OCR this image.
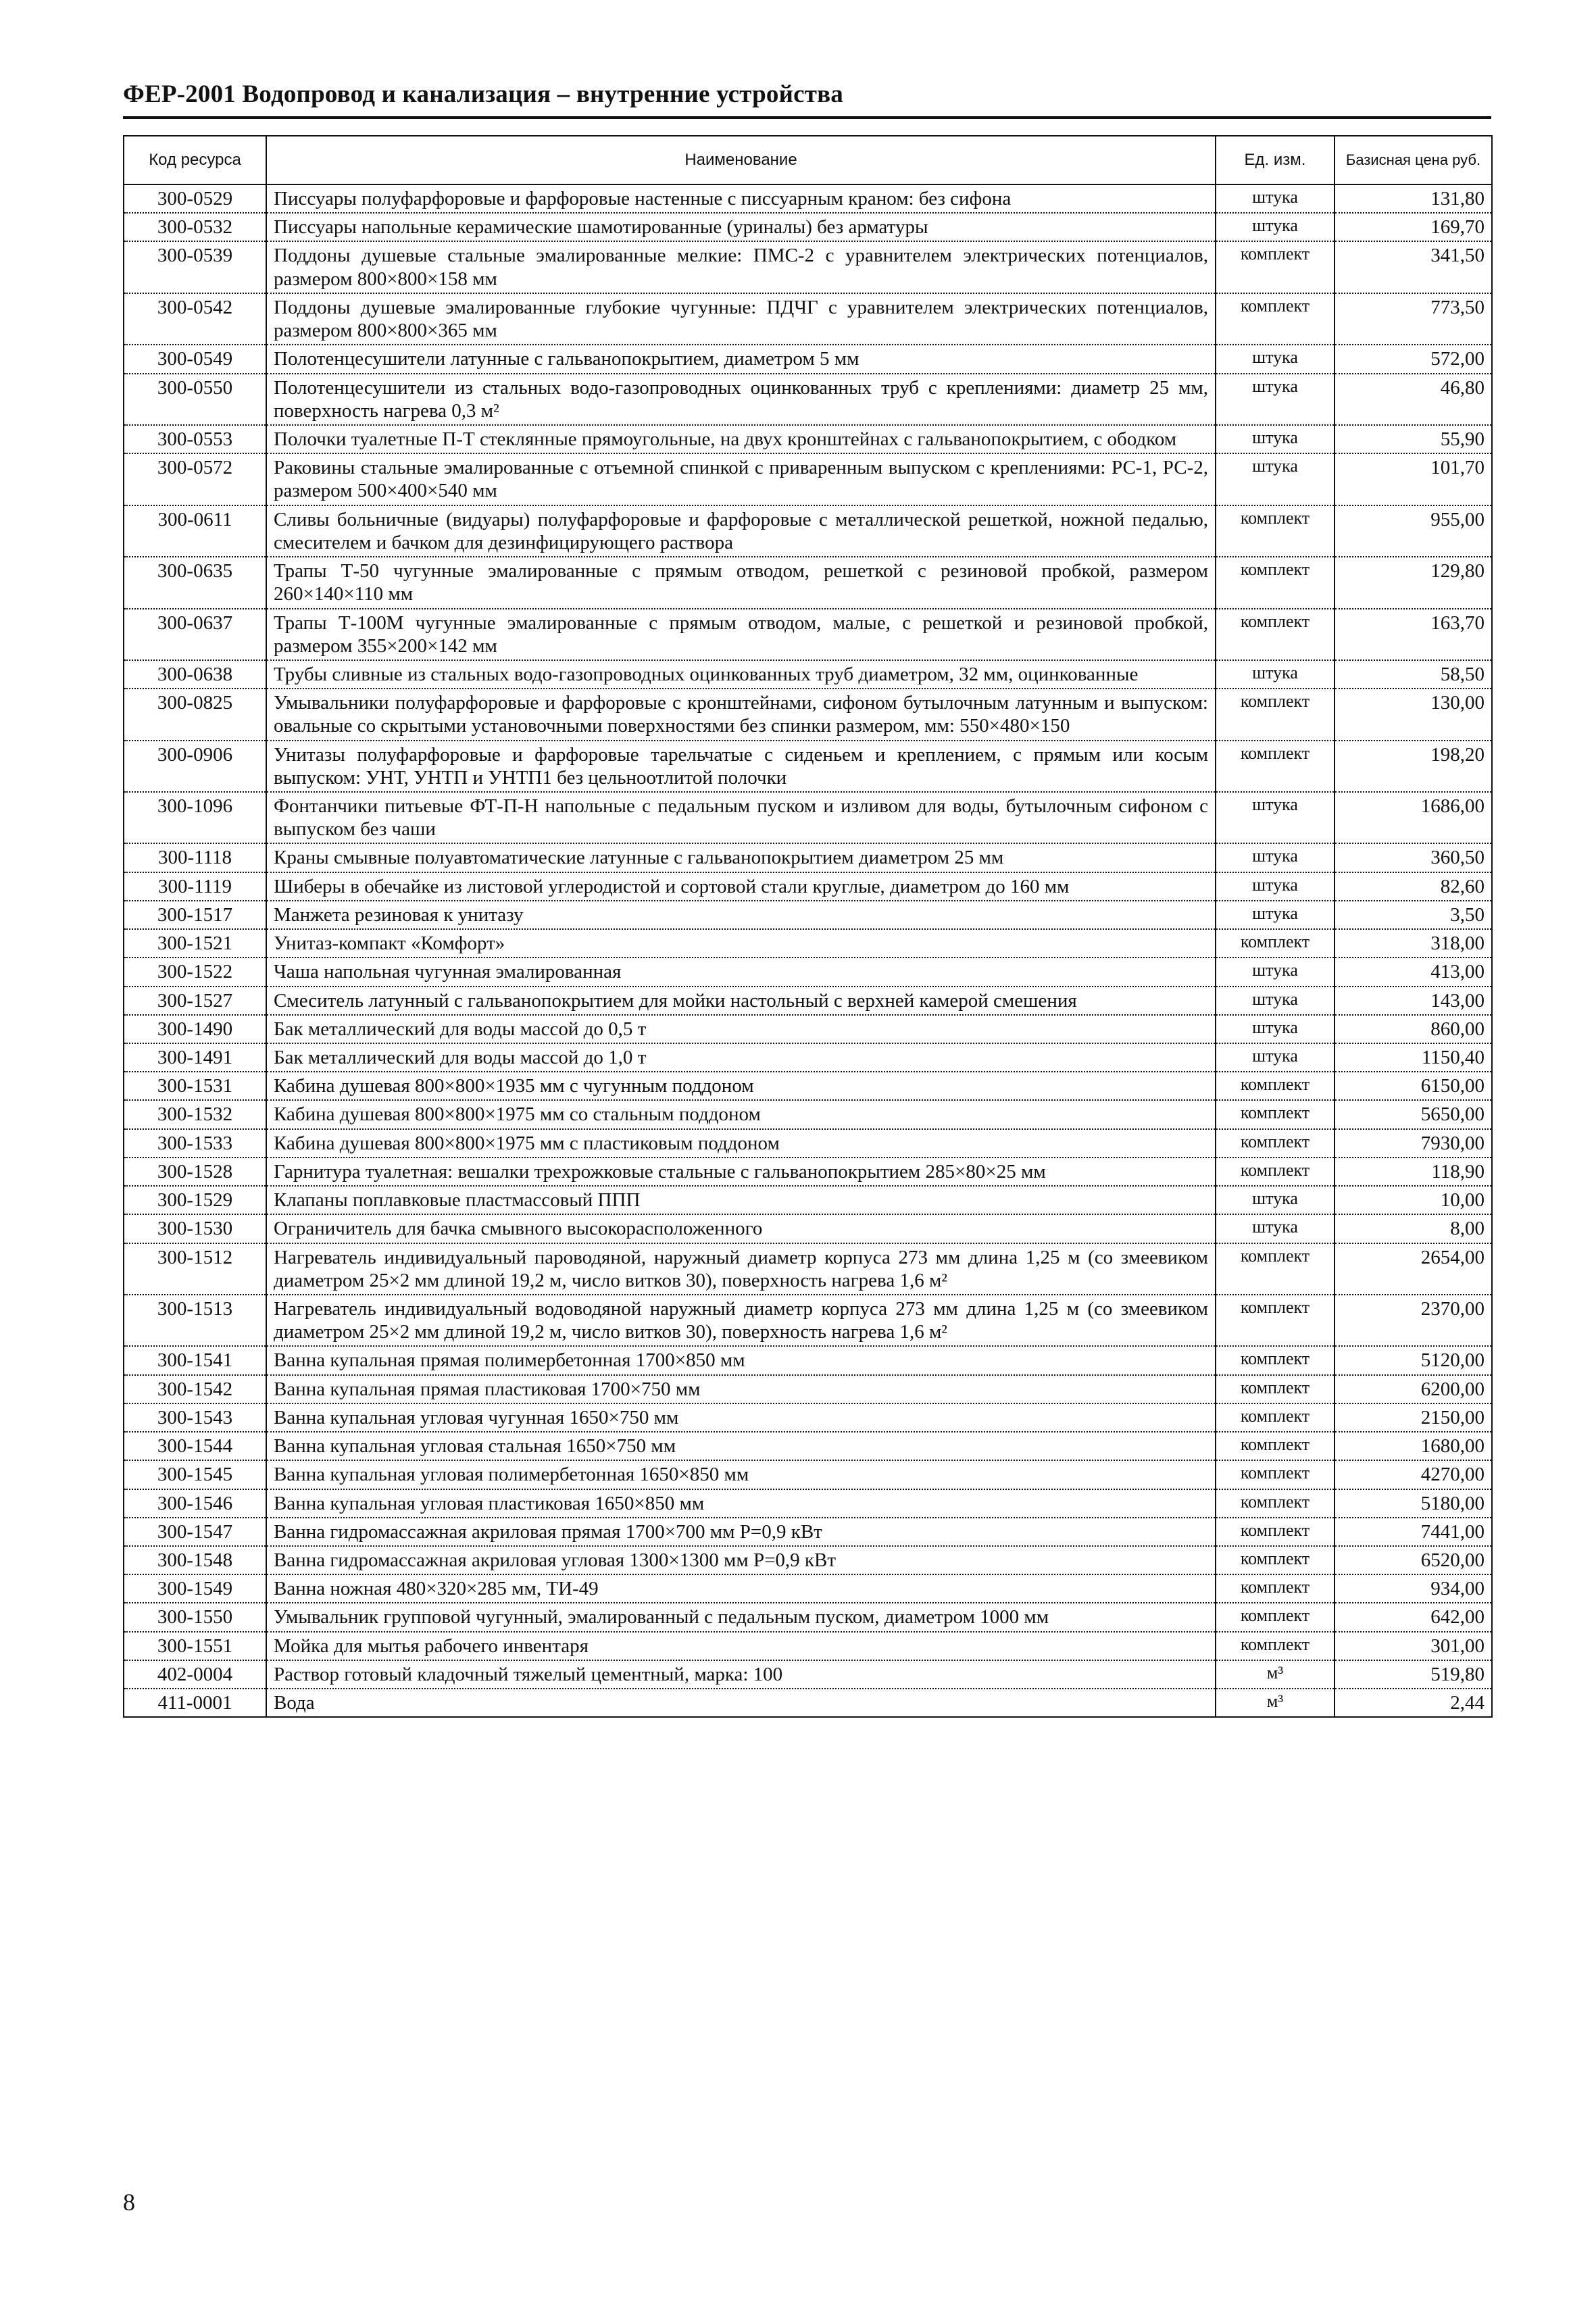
ФЕР-2001 Водопровод и канализация – внутренние устройства
Код ресурса	Наименование	Ед. изм.	Базисная цена руб.
300-0529	Писсуары полуфарфоровые и фарфоровые настенные с писсуарным краном: без сифона	штука	131,80
300-0532	Писсуары напольные керамические шамотированные (уриналы) без арматуры	штука	169,70
300-0539	Поддоны душевые стальные эмалированные мелкие: ПМС-2 с уравнителем электрических потенциалов, размером 800×800×158 мм	комплект	341,50
300-0542	Поддоны душевые эмалированные глубокие чугунные: ПДЧГ с уравнителем электрических потенциалов, размером 800×800×365 мм	комплект	773,50
300-0549	Полотенцесушители латунные с гальванопокрытием, диаметром 5 мм	штука	572,00
300-0550	Полотенцесушители из стальных водо-газопроводных оцинкованных труб с креплениями: диаметр 25 мм, поверхность нагрева 0,3 м²	штука	46,80
300-0553	Полочки туалетные П-Т стеклянные прямоугольные, на двух кронштейнах с гальванопокрытием, с ободком	штука	55,90
300-0572	Раковины стальные эмалированные с отъемной спинкой с приваренным выпуском с креплениями: РС-1, РС-2, размером 500×400×540 мм	штука	101,70
300-0611	Сливы больничные (видуары) полуфарфоровые и фарфоровые с металлической решеткой, ножной педалью, смесителем и бачком для дезинфицирующего раствора	комплект	955,00
300-0635	Трапы Т-50 чугунные эмалированные с прямым отводом, решеткой с резиновой пробкой, размером 260×140×110 мм	комплект	129,80
300-0637	Трапы Т-100М чугунные эмалированные с прямым отводом, малые, с решеткой и резиновой пробкой, размером 355×200×142 мм	комплект	163,70
300-0638	Трубы сливные из стальных водо-газопроводных оцинкованных труб диаметром, 32 мм, оцинкованные	штука	58,50
300-0825	Умывальники полуфарфоровые и фарфоровые с кронштейнами, сифоном бутылочным латунным и выпуском: овальные со скрытыми установочными поверхностями без спинки размером, мм: 550×480×150	комплект	130,00
300-0906	Унитазы полуфарфоровые и фарфоровые тарельчатые с сиденьем и креплением, с прямым или косым выпуском: УНТ, УНТП и УНТП1 без цельноотлитой полочки	комплект	198,20
300-1096	Фонтанчики питьевые ФТ-П-Н напольные с педальным пуском и изливом для воды, бутылочным сифоном с выпуском без чаши	штука	1686,00
300-1118	Краны смывные полуавтоматические латунные с гальванопокрытием диаметром 25 мм	штука	360,50
300-1119	Шиберы в обечайке из листовой углеродистой и сортовой стали круглые, диаметром до 160 мм	штука	82,60
300-1517	Манжета резиновая к унитазу	штука	3,50
300-1521	Унитаз-компакт «Комфорт»	комплект	318,00
300-1522	Чаша напольная чугунная эмалированная	штука	413,00
300-1527	Смеситель латунный с гальванопокрытием для мойки настольный с верхней камерой смешения	штука	143,00
300-1490	Бак металлический для воды массой до 0,5 т	штука	860,00
300-1491	Бак металлический для воды массой до 1,0 т	штука	1150,40
300-1531	Кабина душевая 800×800×1935 мм с чугунным поддоном	комплект	6150,00
300-1532	Кабина душевая 800×800×1975 мм со стальным поддоном	комплект	5650,00
300-1533	Кабина душевая 800×800×1975 мм с пластиковым поддоном	комплект	7930,00
300-1528	Гарнитура туалетная: вешалки трехрожковые стальные с гальванопокрытием 285×80×25 мм	комплект	118,90
300-1529	Клапаны поплавковые пластмассовый ППП	штука	10,00
300-1530	Ограничитель для бачка смывного высокорасположенного	штука	8,00
300-1512	Нагреватель индивидуальный пароводяной, наружный диаметр корпуса 273 мм длина 1,25 м (со змеевиком диаметром 25×2 мм длиной 19,2 м, число витков 30), поверхность нагрева 1,6 м²	комплект	2654,00
300-1513	Нагреватель индивидуальный водоводяной наружный диаметр корпуса 273 мм длина 1,25 м (со змеевиком диаметром 25×2 мм длиной 19,2 м, число витков 30), поверхность нагрева 1,6 м²	комплект	2370,00
300-1541	Ванна купальная прямая полимербетонная 1700×850 мм	комплект	5120,00
300-1542	Ванна купальная прямая пластиковая 1700×750 мм	комплект	6200,00
300-1543	Ванна купальная угловая чугунная 1650×750 мм	комплект	2150,00
300-1544	Ванна купальная угловая стальная 1650×750 мм	комплект	1680,00
300-1545	Ванна купальная угловая полимербетонная 1650×850 мм	комплект	4270,00
300-1546	Ванна купальная угловая пластиковая 1650×850 мм	комплект	5180,00
300-1547	Ванна гидромассажная акриловая прямая 1700×700 мм Р=0,9 кВт	комплект	7441,00
300-1548	Ванна гидромассажная акриловая угловая 1300×1300 мм Р=0,9 кВт	комплект	6520,00
300-1549	Ванна ножная 480×320×285 мм, ТИ-49	комплект	934,00
300-1550	Умывальник групповой чугунный, эмалированный с педальным пуском, диаметром 1000 мм	комплект	642,00
300-1551	Мойка для мытья рабочего инвентаря	комплект	301,00
402-0004	Раствор готовый кладочный тяжелый цементный, марка: 100	м³	519,80
411-0001	Вода	м³	2,44
8
